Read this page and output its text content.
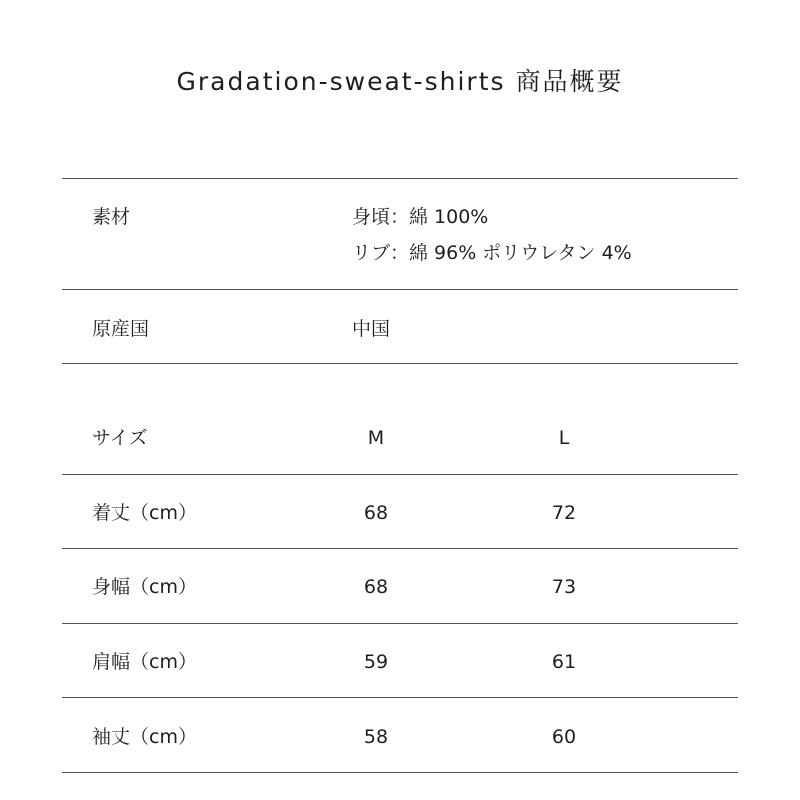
Gradation-sweat-shirts 商品概要
素材	身頃：綿 100%
リブ：綿 96% ポリウレタン 4%
原産国	中国
サイズ	M	L
着丈（cm）	68	72
身幅（cm）	68	73
肩幅（cm）	59	61
袖丈（cm）	58	60
